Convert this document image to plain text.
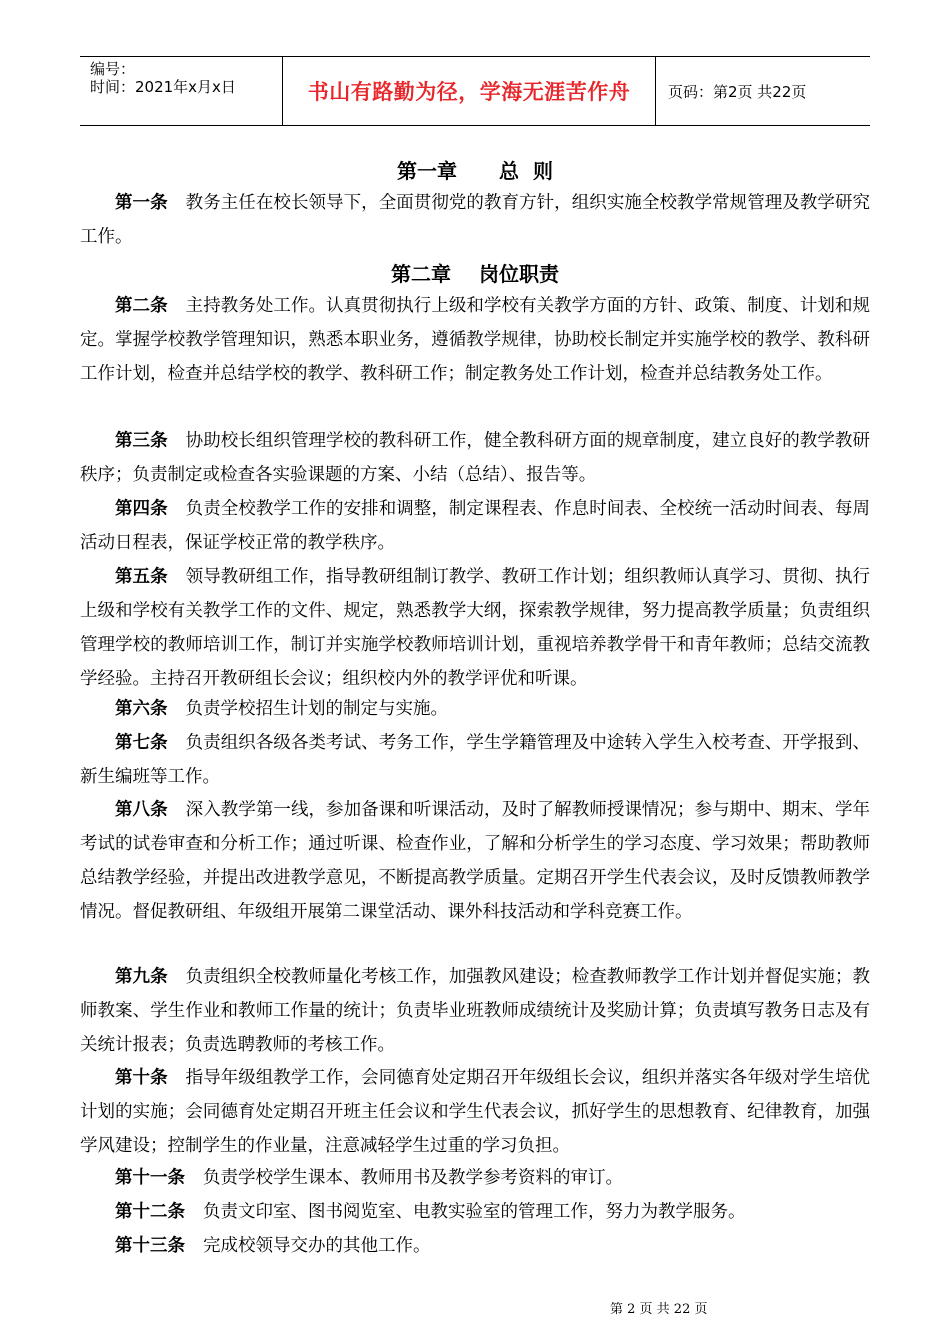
编号：
时间：2021年x月x日	书山有路勤为径，学海无涯苦作舟	页码：第2页 共22页
第一章 总  则

第一条 教务主任在校长领导下，全面贯彻党的教育方针，组织实施全校教学常规管理及教学研究工作。

第二章 岗位职责

第二条 主持教务处工作。认真贯彻执行上级和学校有关教学方面的方针、政策、制度、计划和规定。掌握学校教学管理知识，熟悉本职业务，遵循教学规律，协助校长制定并实施学校的教学、教科研工作计划，检查并总结学校的教学、教科研工作；制定教务处工作计划，检查并总结教务处工作。

第三条 协助校长组织管理学校的教科研工作，健全教科研方面的规章制度，建立良好的教学教研秩序；负责制定或检查各实验课题的方案、小结（总结）、报告等。

第四条 负责全校教学工作的安排和调整，制定课程表、作息时间表、全校统一活动时间表、每周活动日程表，保证学校正常的教学秩序。

第五条 领导教研组工作，指导教研组制订教学、教研工作计划；组织教师认真学习、贯彻、执行上级和学校有关教学工作的文件、规定，熟悉教学大纲，探索教学规律，努力提高教学质量；负责组织管理学校的教师培训工作，制订并实施学校教师培训计划，重视培养教学骨干和青年教师；总结交流教学经验。主持召开教研组长会议；组织校内外的教学评优和听课。

第六条 负责学校招生计划的制定与实施。

第七条 负责组织各级各类考试、考务工作，学生学籍管理及中途转入学生入校考查、开学报到、新生编班等工作。

第八条 深入教学第一线，参加备课和听课活动，及时了解教师授课情况；参与期中、期末、学年考试的试卷审查和分析工作；通过听课、检查作业，了解和分析学生的学习态度、学习效果；帮助教师总结教学经验，并提出改进教学意见，不断提高教学质量。定期召开学生代表会议，及时反馈教师教学情况。督促教研组、年级组开展第二课堂活动、课外科技活动和学科竞赛工作。

第九条 负责组织全校教师量化考核工作，加强教风建设；检查教师教学工作计划并督促实施；教师教案、学生作业和教师工作量的统计；负责毕业班教师成绩统计及奖励计算；负责填写教务日志及有关统计报表；负责选聘教师的考核工作。

第十条 指导年级组教学工作，会同德育处定期召开年级组长会议，组织并落实各年级对学生培优计划的实施；会同德育处定期召开班主任会议和学生代表会议，抓好学生的思想教育、纪律教育，加强学风建设；控制学生的作业量，注意减轻学生过重的学习负担。

第十一条 负责学校学生课本、教师用书及教学参考资料的审订。

第十二条 负责文印室、图书阅览室、电教实验室的管理工作，努力为教学服务。

第十三条 完成校领导交办的其他工作。

第 2 页 共 22 页
